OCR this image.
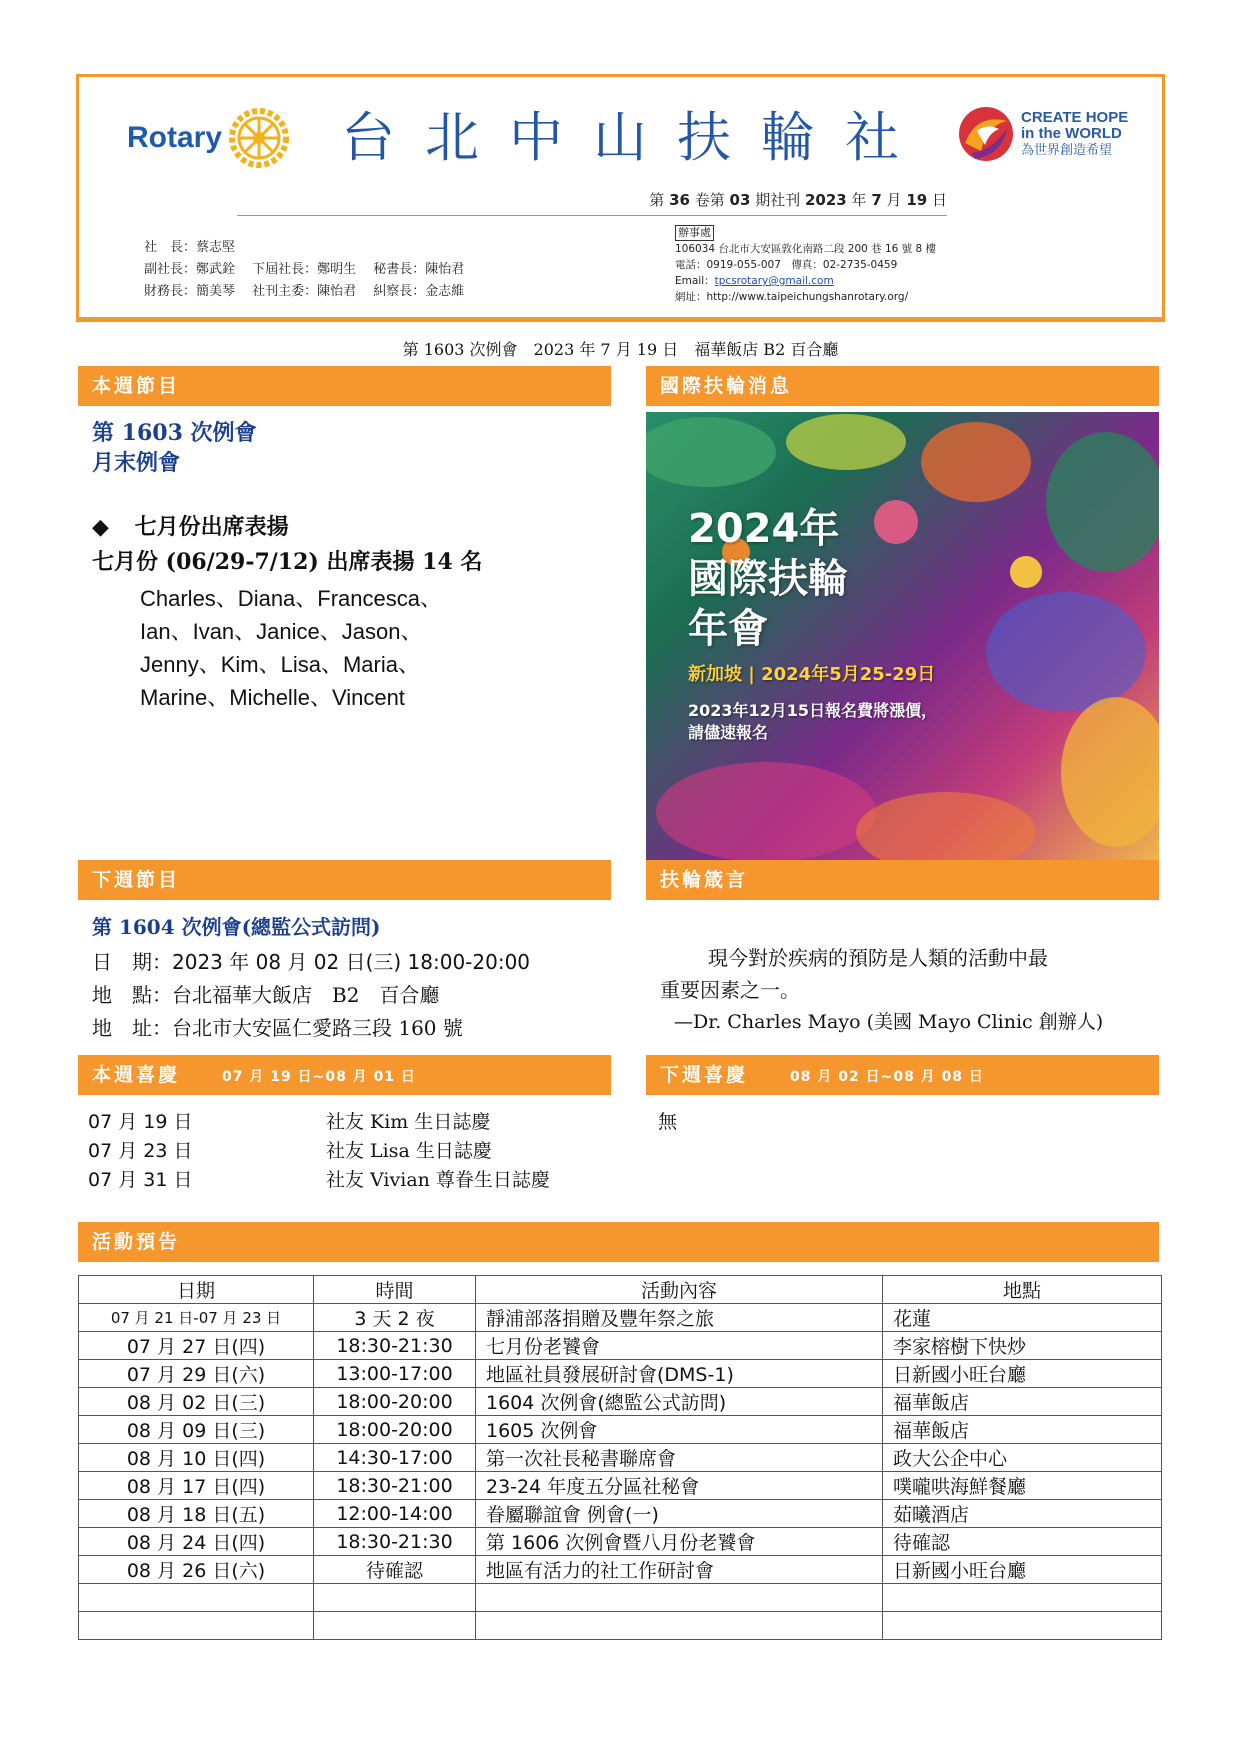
Rotary 台北中山扶輪社	CREATE HOPE
in the WORLD
為世界創造希望
第 36 卷第 03 期社刊 2023 年 7 月 19 日
社　長：蔡志堅
副社長：鄭武銓　 下屆社長：鄭明生　 秘書長：陳怡君
財務長：簡美琴　 社刊主委：陳怡君　 糾察長：金志維
辦事處
106034 台北市大安區敦化南路二段 200 巷 16 號 8 樓
電話：0919-055-007　傳真：02-2735-0459
Email：tpcsrotary@gmail.com
網址：http://www.taipeichungshanrotary.org/
第 1603 次例會　2023 年 7 月 19 日　福華飯店 B2 百合廳
本週節目
第 1603 次例會
月末例會
◆ 七月份出席表揚
七月份 (06/29-7/12) 出席表揚 14 名
Charles、Diana、Francesca、
Ian、Ivan、Janice、Jason、
Jenny、Kim、Lisa、Maria、
Marine、Michelle、Vincent
國際扶輪消息
2024年
國際扶輪
年會
新加坡 | 2024年5月25-29日
2023年12月15日報名費將漲價，
請儘速報名
下週節目
第 1604 次例會(總監公式訪問)
日　期：2023 年 08 月 02 日(三) 18:00-20:00
地　點：台北福華大飯店　B2　百合廳
地　址：台北市大安區仁愛路三段 160 號
扶輪箴言
現今對於疾病的預防是人類的活動中最
重要因素之一。
—Dr. Charles Mayo (美國 Mayo Clinic 創辦人)
本週喜慶	07 月 19 日~08 月 01 日
07 月 19 日	社友 Kim 生日誌慶
07 月 23 日	社友 Lisa 生日誌慶
07 月 31 日	社友 Vivian 尊眷生日誌慶
下週喜慶	08 月 02 日~08 月 08 日
無
活動預告
日期	時間	活動內容	地點
07 月 21 日-07 月 23 日	3 天 2 夜	靜浦部落捐贈及豐年祭之旅	花蓮
07 月 27 日(四)	18:30-21:30	七月份老饕會	李家榕樹下快炒
07 月 29 日(六)	13:00-17:00	地區社員發展研討會(DMS-1)	日新國小旺台廳
08 月 02 日(三)	18:00-20:00	1604 次例會(總監公式訪問)	福華飯店
08 月 09 日(三)	18:00-20:00	1605 次例會	福華飯店
08 月 10 日(四)	14:30-17:00	第一次社長秘書聯席會	政大公企中心
08 月 17 日(四)	18:30-21:00	23-24 年度五分區社秘會	噗嚨哄海鮮餐廳
08 月 18 日(五)	12:00-14:00	眷屬聯誼會 例會(一)	茹曦酒店
08 月 24 日(四)	18:30-21:30	第 1606 次例會暨八月份老饕會	待確認
08 月 26 日(六)	待確認	地區有活力的社工作研討會	日新國小旺台廳
